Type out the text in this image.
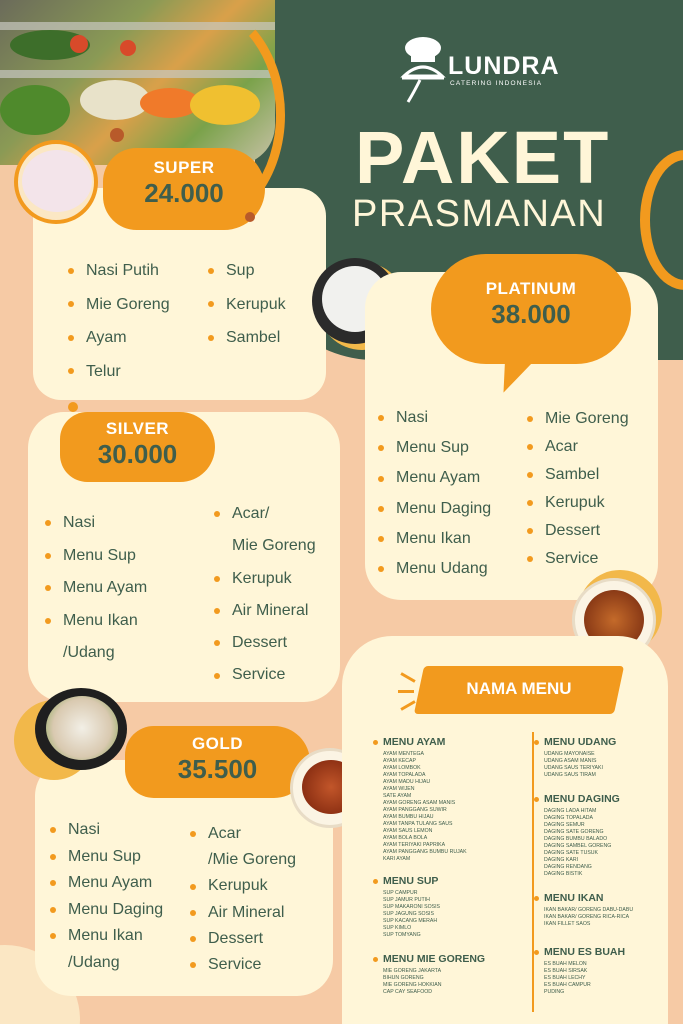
LUNDRA
CATERING INDONESIA
PAKET
PRASMANAN
SUPER
24.000
Nasi Putih
Mie Goreng
Ayam
Telur
Sup
Kerupuk
Sambel
PLATINUM
38.000
Nasi
Menu Sup
Menu Ayam
Menu Daging
Menu Ikan
Menu Udang
Mie Goreng
Acar
Sambel
Kerupuk
Dessert
Service
SILVER
30.000
Nasi
Menu Sup
Menu Ayam
Menu Ikan
/Udang
Acar/
Mie Goreng
Kerupuk
Air Mineral
Dessert
Service
GOLD
35.500
Nasi
Menu Sup
Menu Ayam
Menu Daging
Menu Ikan
/Udang
Acar
/Mie Goreng
Kerupuk
Air Mineral
Dessert
Service
NAMA MENU
MENU AYAM
AYAM MENTEGA
AYAM KECAP
AYAM LOMBOK
AYAM TOPALADA
AYAM MADU HIJAU
AYAM WIJEN
SATE AYAM
AYAM GORENG ASAM MANIS
AYAM PANGGANG SUWIR
AYAM BUMBU HIJAU
AYAM TANPA TULANG SAUS
AYAM SAUS LEMON
AYAM BOLA BOLA
AYAM TERIYAKI PAPRIKA
AYAM PANGGANG BUMBU RUJAK
KARI AYAM
MENU SUP
SUP CAMPUR
SUP JAMUR PUTIH
SUP MAKARONI SOSIS
SUP JAGUNG SOSIS
SUP KACANG MERAH
SUP KIMLO
SUP TOMYANG
MENU MIE GORENG
MIE GORENG JAKARTA
BIHUN GORENG
MIE GORENG HOKKIAN
CAP CAY SEAFOOD
MENU UDANG
UDANG MAYONAISE
UDANG ASAM MANIS
UDANG SAUS TERIYAKI
UDANG SAUS TIRAM
MENU DAGING
DAGING LADA HITAM
DAGING TOPALADA
DAGING SEMUR
DAGING SATE GORENG
DAGING BUMBU BALADO
DAGING SAMBEL GORENG
DAGING SATE TUSUK
DAGING KARI
DAGING RENDANG
DAGING BISTIK
MENU IKAN
IKAN BAKAR/ GORENG DABU-DABU
IKAN BAKAR/ GORENG RICA-RICA
IKAN FILLET SAOS
MENU ES BUAH
ES BUAH MELON
ES BUAH SIRSAK
ES BUAH LECHY
ES BUAH CAMPUR
PUDING
